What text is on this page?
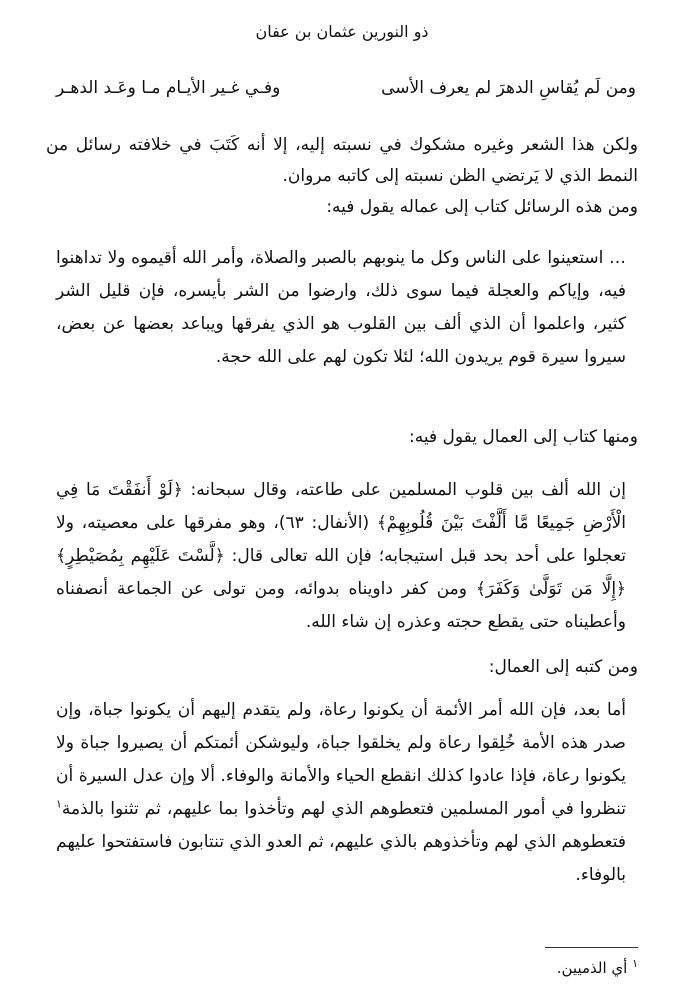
ذو النورين عثمان بن عفان
ومن لَم يُقاسِ الدهرَ لم يعرف الأسى
وفـي غـير الأيـام مـا وعَـد الدهـر

ولكن هذا الشعر وغيره مشكوك في نسبته إليه، إلا أنه كَتَبَ في خلافته رسائل من النمط الذي لا يَرتضي الظن نسبته إلى كاتبه مروان.

ومن هذه الرسائل كتاب إلى عماله يقول فيه:

… استعينوا على الناس وكل ما ينوبهم بالصبر والصلاة، وأمر الله أقيموه ولا تداهنوا فيه، وإياكم والعجلة فيما سوى ذلك، وارضوا من الشر بأيسره، فإن قليل الشر كثير، واعلموا أن الذي ألف بين القلوب هو الذي يفرقها ويباعد بعضها عن بعض، سيروا سيرة قوم يريدون الله؛ لئلا تكون لهم على الله حجة.

ومنها كتاب إلى العمال يقول فيه:

إن الله ألف بين قلوب المسلمين على طاعته، وقال سبحانه: ﴿لَوْ أَنفَقْتَ مَا فِي الْأَرْضِ جَمِيعًا مَّا أَلَّفْتَ بَيْنَ قُلُوبِهِمْ﴾ (الأنفال: ٦٣)، وهو مفرقها على معصيته، ولا تعجلوا على أحد بحد قبل استيجابه؛ فإن الله تعالى قال: ﴿لَّسْتَ عَلَيْهِم بِمُصَيْطِرٍ﴾ ﴿إِلَّا مَن تَوَلَّىٰ وَكَفَرَ﴾ ومن كفر داويناه بدوائه، ومن تولى عن الجماعة أنصفناه وأعطيناه حتى يقطع حجته وعذره إن شاء الله.

ومن كتبه إلى العمال:

أما بعد، فإن الله أمر الأئمة أن يكونوا رعاة، ولم يتقدم إليهم أن يكونوا جباة، وإن صدر هذه الأمة خُلِقوا رعاة ولم يخلقوا جباة، وليوشكن أئمتكم أن يصيروا جباة ولا يكونوا رعاة، فإذا عادوا كذلك انقطع الحياء والأمانة والوفاء. ألا وإن عدل السيرة أن تنظروا في أمور المسلمين فتعطوهم الذي لهم وتأخذوا بما عليهم، ثم تثنوا بالذمة$^١$ فتعطوهم الذي لهم وتأخذوهم بالذي عليهم، ثم العدو الذي تنتابون فاستفتحوا عليهم بالوفاء.

$^١$ أي الذميين.
